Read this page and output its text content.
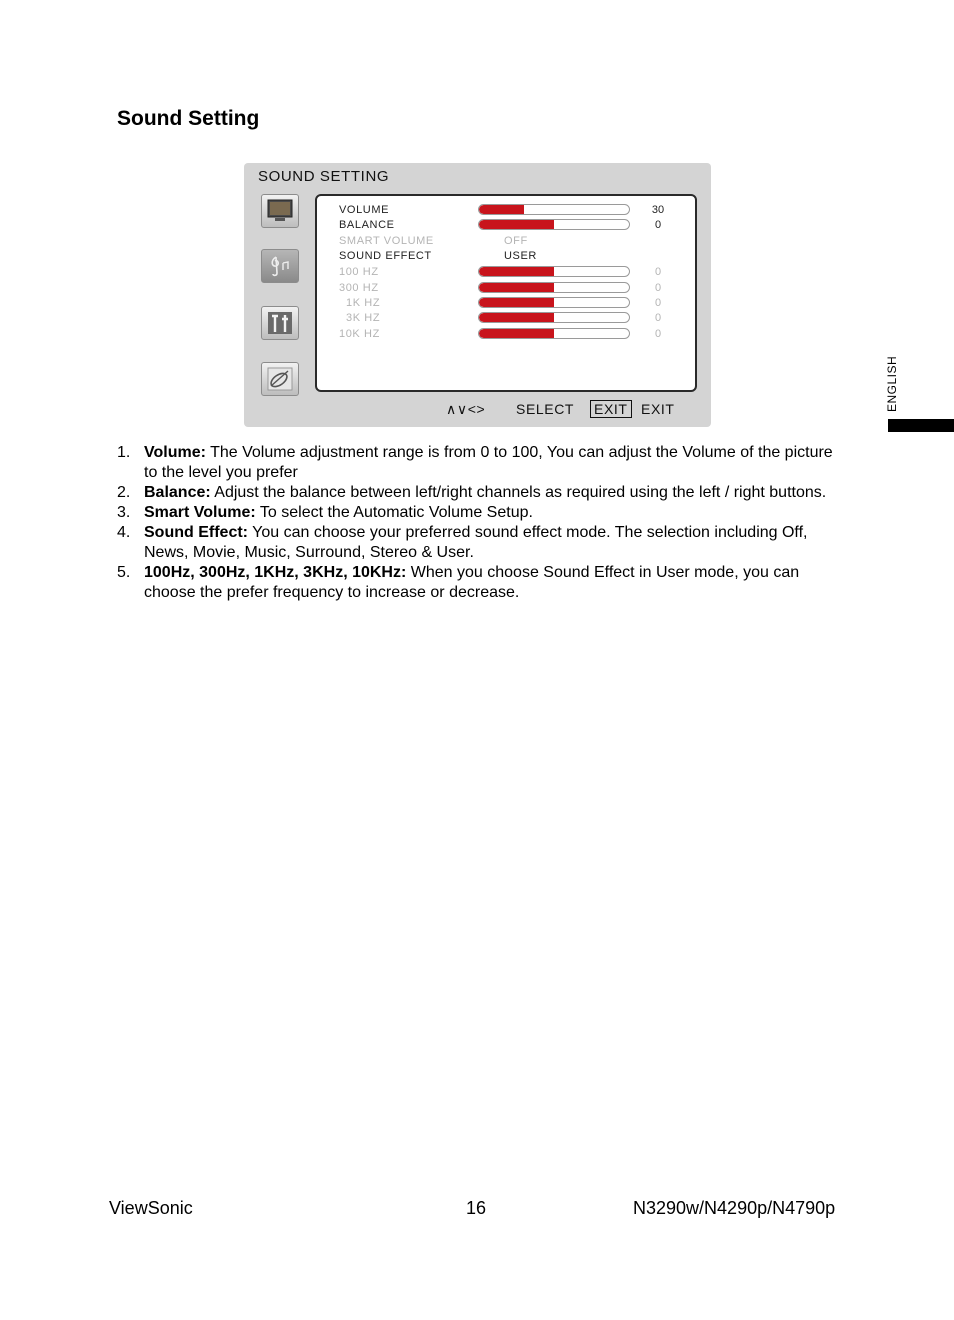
Sound Setting
SOUND SETTING
VOLUME	30
BALANCE	0
SMART VOLUME	OFF
SOUND EFFECT	USER
100 HZ	0
300 HZ	0
1K HZ	0
3K HZ	0
10K HZ	0
∧∨<> SELECT EXIT EXIT
1. Volume: The Volume adjustment range is from 0 to 100, You can adjust the Volume of the picture to the level you prefer
2. Balance: Adjust the balance between left/right channels as required using the left / right buttons.
3. Smart Volume: To select the Automatic Volume Setup.
4. Sound Effect: You can choose your preferred sound effect mode. The selection including Off, News, Movie, Music, Surround, Stereo & User.
5. 100Hz, 300Hz, 1KHz, 3KHz, 10KHz: When you choose Sound Effect in User mode, you can choose the prefer frequency to increase or decrease.
ENGLISH
ViewSonic	16	N3290w/N4290p/N4790p
